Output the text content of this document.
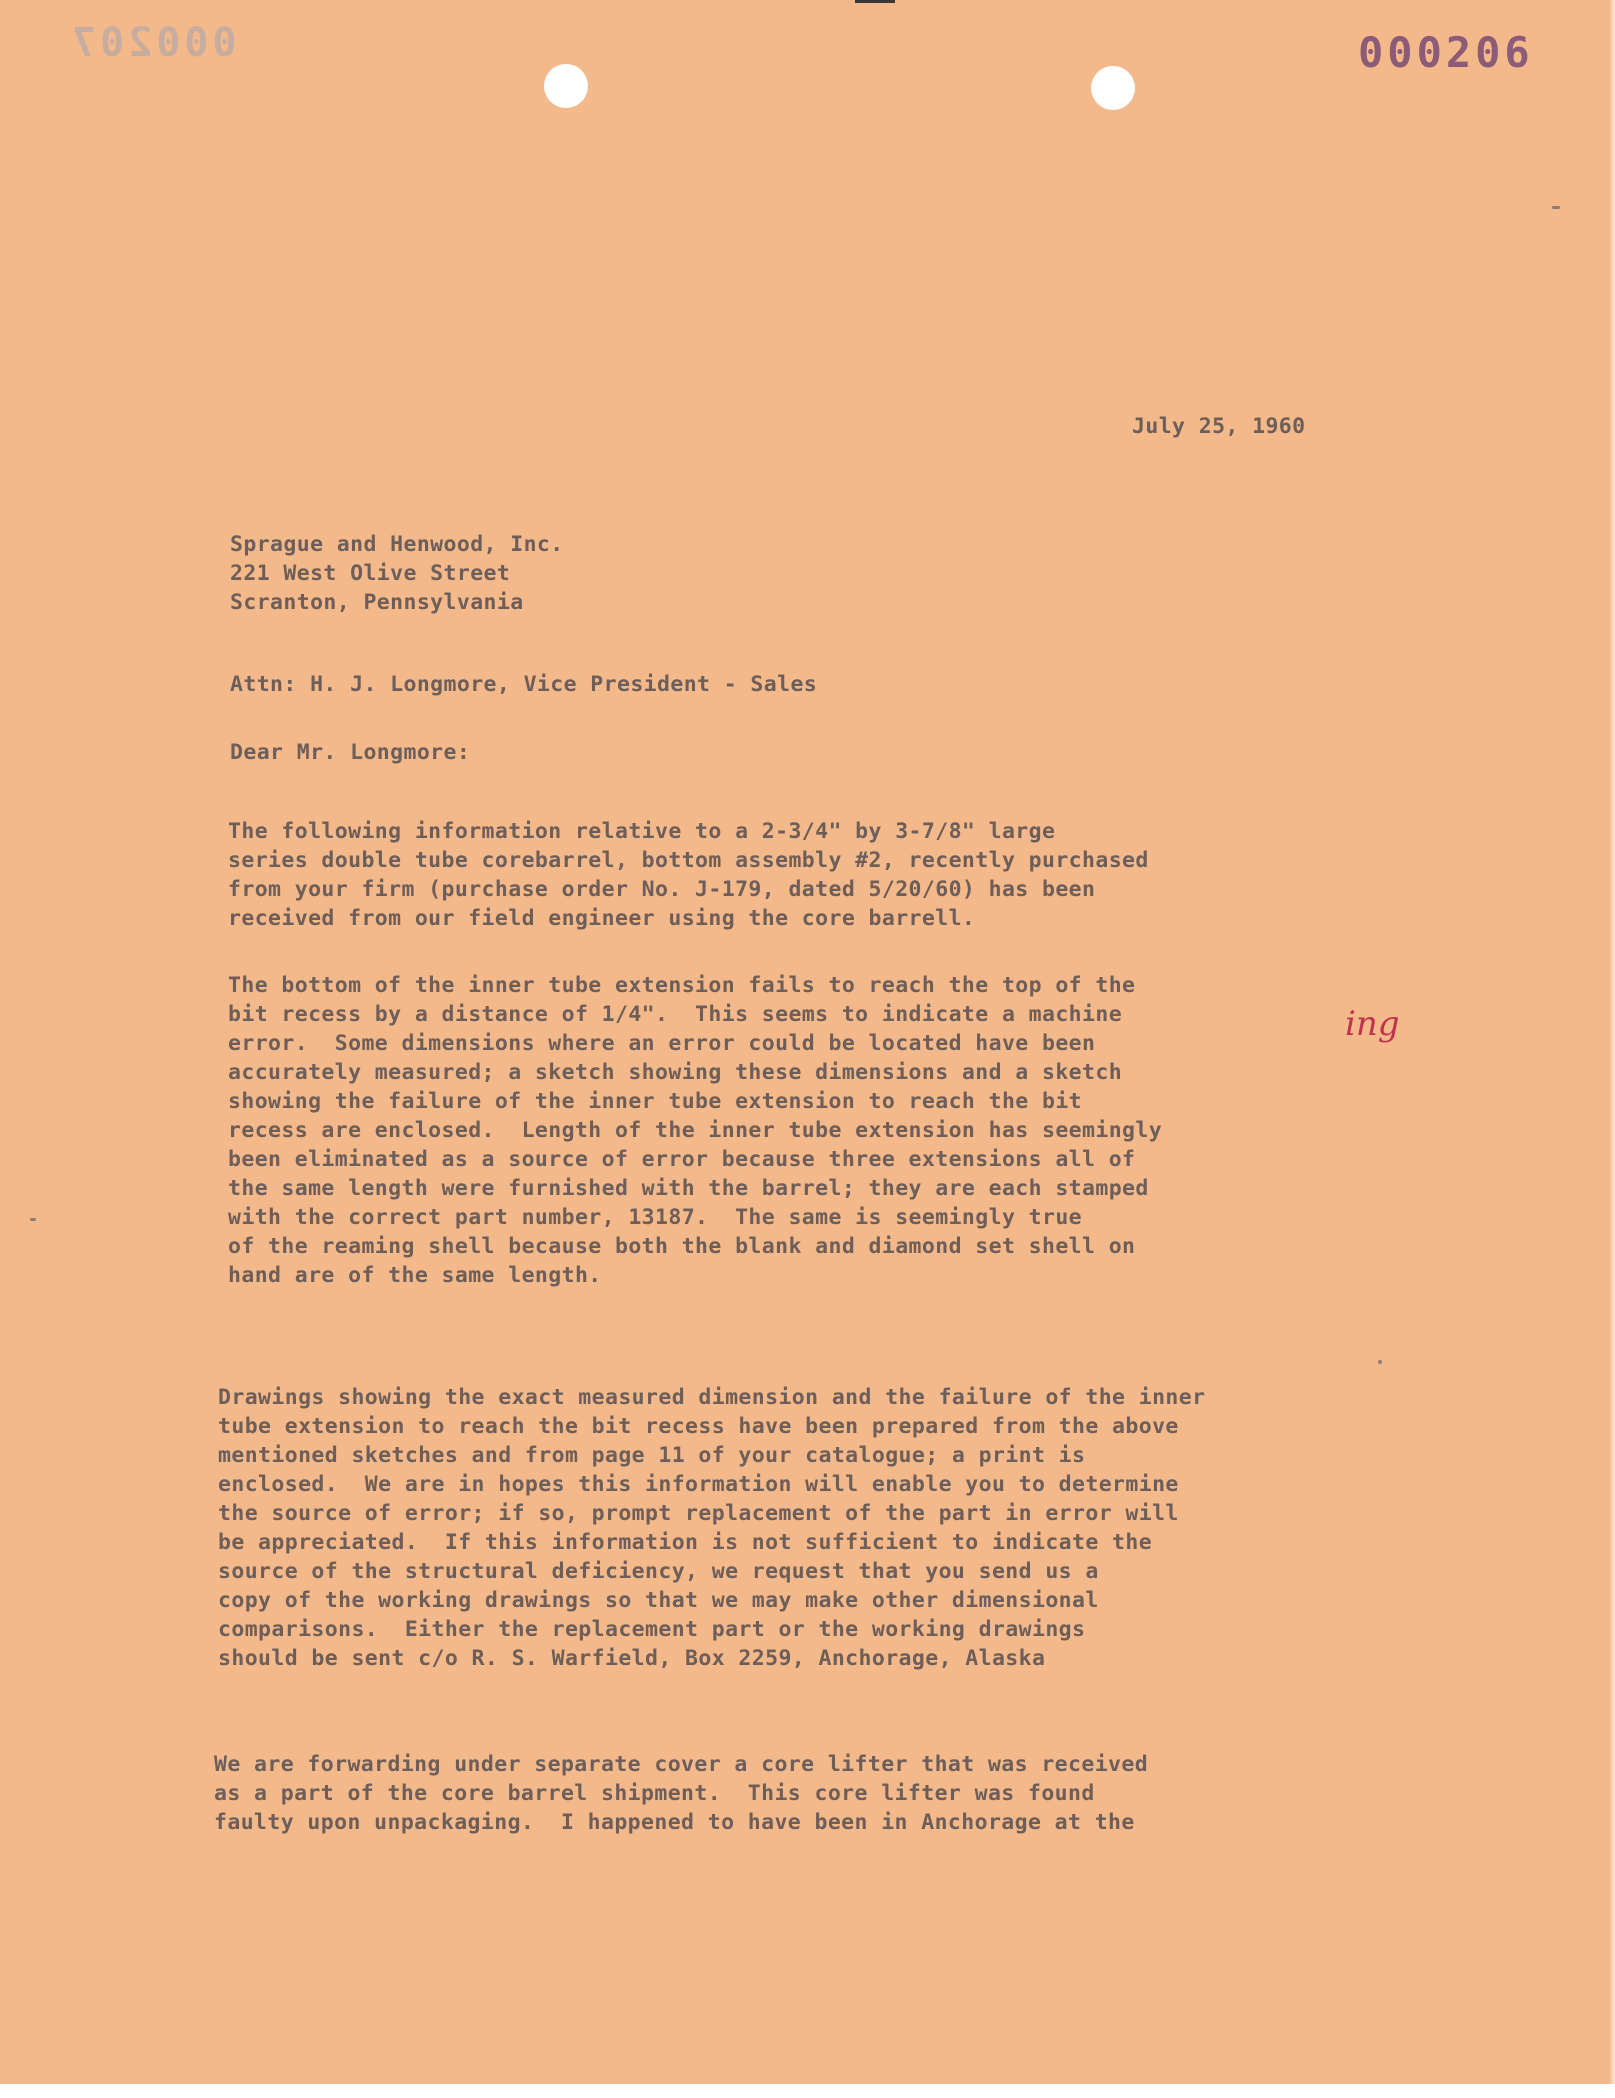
000207	000206
July 25, 1960
Sprague and Henwood, Inc.
221 West Olive Street
Scranton, Pennsylvania
Attn: H. J. Longmore, Vice President - Sales
Dear Mr. Longmore:
The following information relative to a 2-3/4" by 3-7/8" large
series double tube corebarrel, bottom assembly #2, recently purchased
from your firm (purchase order No. J-179, dated 5/20/60) has been
received from our field engineer using the core barrell.
The bottom of the inner tube extension fails to reach the top of the
bit recess by a distance of 1/4".  This seems to indicate a machine
error.  Some dimensions where an error could be located have been
accurately measured; a sketch showing these dimensions and a sketch
showing the failure of the inner tube extension to reach the bit
recess are enclosed.  Length of the inner tube extension has seemingly
been eliminated as a source of error because three extensions all of
the same length were furnished with the barrel; they are each stamped
with the correct part number, 13187.  The same is seemingly true
of the reaming shell because both the blank and diamond set shell on
hand are of the same length.
ing
Drawings showing the exact measured dimension and the failure of the inner
tube extension to reach the bit recess have been prepared from the above
mentioned sketches and from page 11 of your catalogue; a print is
enclosed.  We are in hopes this information will enable you to determine
the source of error; if so, prompt replacement of the part in error will
be appreciated.  If this information is not sufficient to indicate the
source of the structural deficiency, we request that you send us a
copy of the working drawings so that we may make other dimensional
comparisons.  Either the replacement part or the working drawings
should be sent c/o R. S. Warfield, Box 2259, Anchorage, Alaska
We are forwarding under separate cover a core lifter that was received
as a part of the core barrel shipment.  This core lifter was found
faulty upon unpackaging.  I happened to have been in Anchorage at the
